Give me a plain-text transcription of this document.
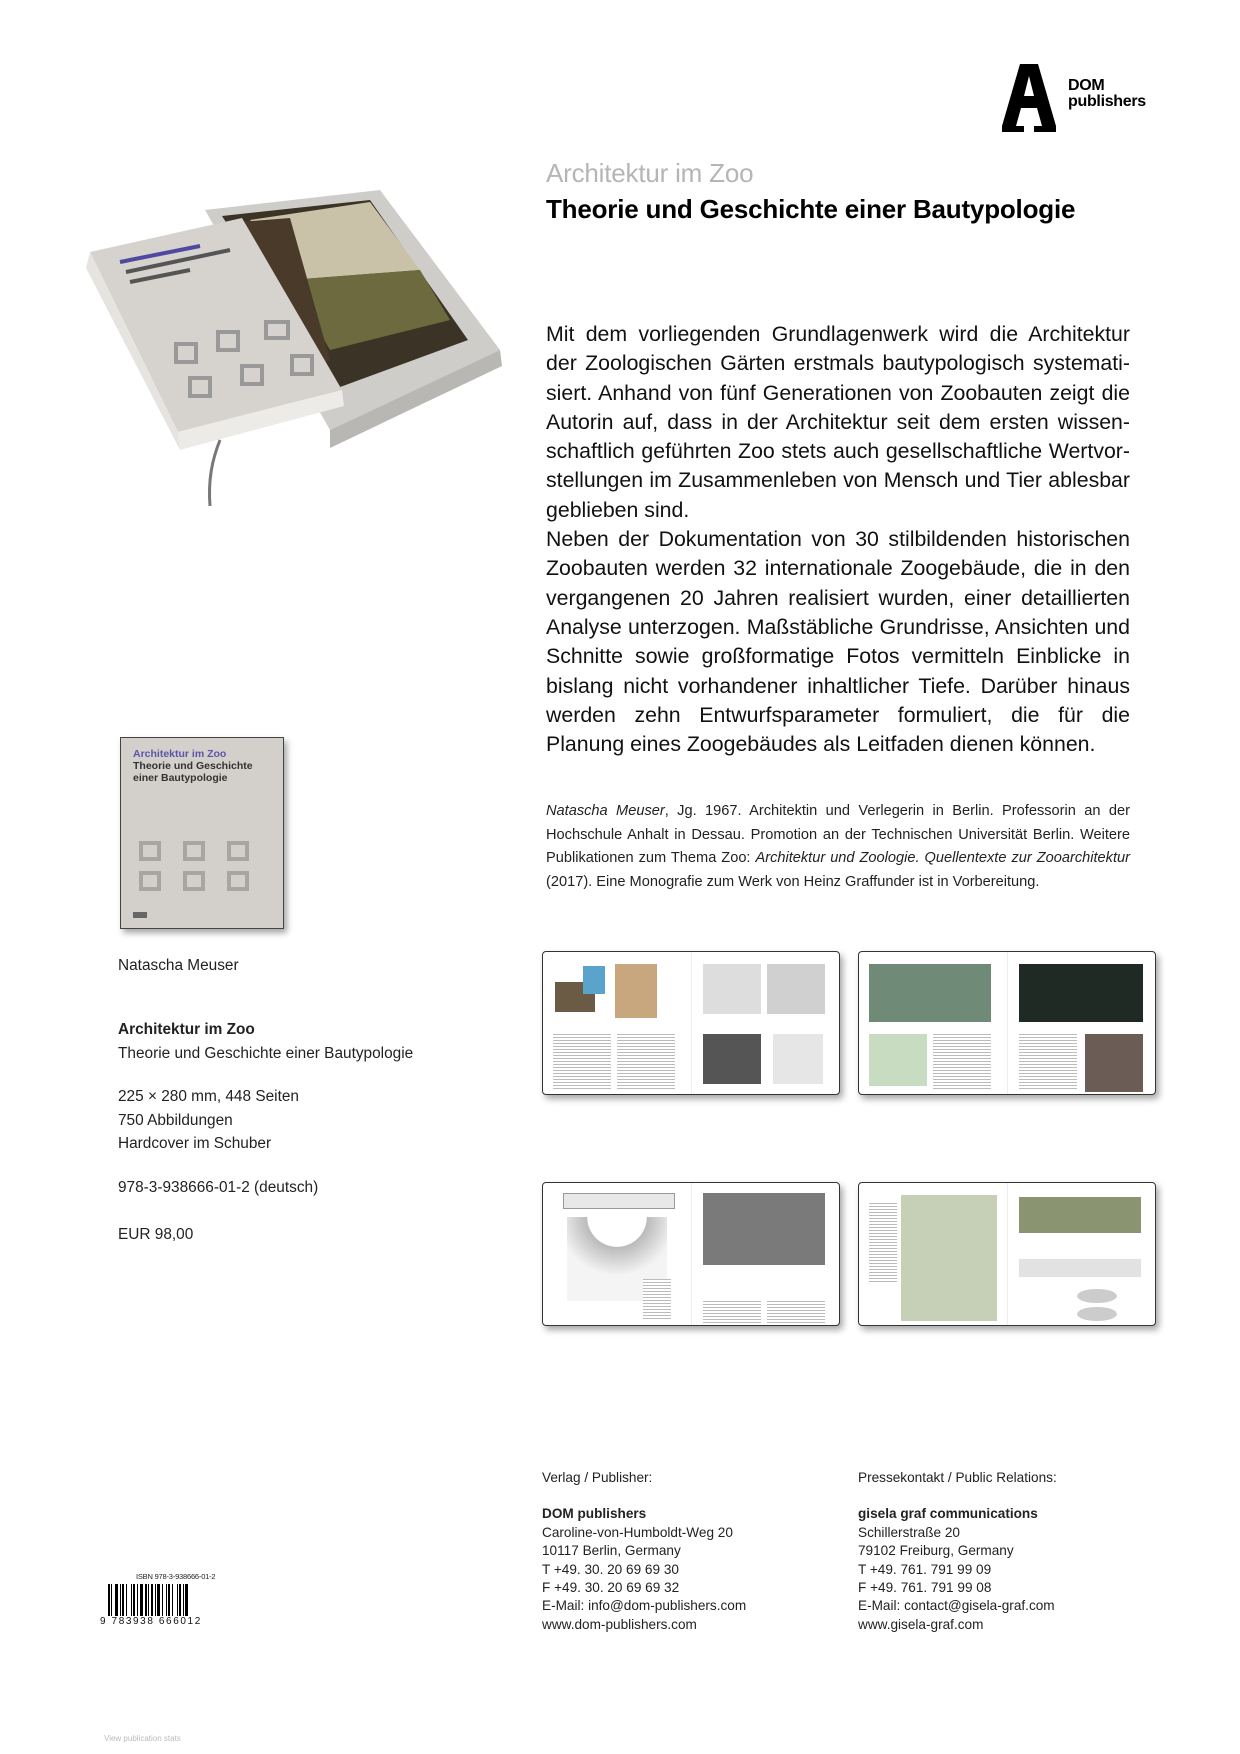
DOM
publishers
Architektur im Zoo
Theorie und Geschichte einer Bautypologie

Mit dem vorliegenden Grundlagenwerk wird die Architektur der Zoologischen Gärten erstmals bautypologisch systematisiert. Anhand von fünf Generationen von Zoobauten zeigt die Autorin auf, dass in der Architektur seit dem ersten wissenschaftlich geführten Zoo stets auch gesellschaftliche Wertvorstellungen im Zusammenleben von Mensch und Tier ablesbar geblieben sind.

Neben der Dokumentation von 30 stilbildenden historischen Zoobauten werden 32 internationale Zoogebäude, die in den vergangenen 20 Jahren realisiert wurden, einer detaillierten Analyse unterzogen. Maßstäbliche Grundrisse, Ansichten und Schnitte sowie großformatige Fotos vermitteln Einblicke in bislang nicht vorhandener inhaltlicher Tiefe. Darüber hinaus werden zehn Entwurfsparameter formuliert, die für die Planung eines Zoogebäudes als Leitfaden dienen können.

Natascha Meuser, Jg. 1967. Architektin und Verlegerin in Berlin. Professorin an der Hochschule Anhalt in Dessau. Promotion an der Technischen Universität Berlin. Weitere Publikationen zum Thema Zoo: Architektur und Zoologie. Quellentexte zur Zooarchitektur (2017). Eine Monografie zum Werk von Heinz Graffunder ist in Vorbereitung.

Architektur im Zoo
Theorie und Geschichte
einer Bautypologie
Natascha Meuser
Architektur im Zoo
Theorie und Geschichte einer Bautypologie
225 × 280 mm, 448 Seiten
750 Abbildungen
Hardcover im Schuber
978-3-938666-01-2 (deutsch)
EUR 98,00
Verlag / Publisher:
DOM publishers
Caroline-von-Humboldt-Weg 20
10117 Berlin, Germany
T +49. 30. 20 69 69 30
F +49. 30. 20 69 69 32
E-Mail: info@dom-publishers.com
www.dom-publishers.com
Pressekontakt / Public Relations:
gisela graf communications
Schillerstraße 20
79102 Freiburg, Germany
T +49. 761. 791 99 09
F +49. 761. 791 99 08
E-Mail: contact@gisela-graf.com
www.gisela-graf.com
ISBN 978-3-938666-01-2
9 783938 666012
View publication stats
